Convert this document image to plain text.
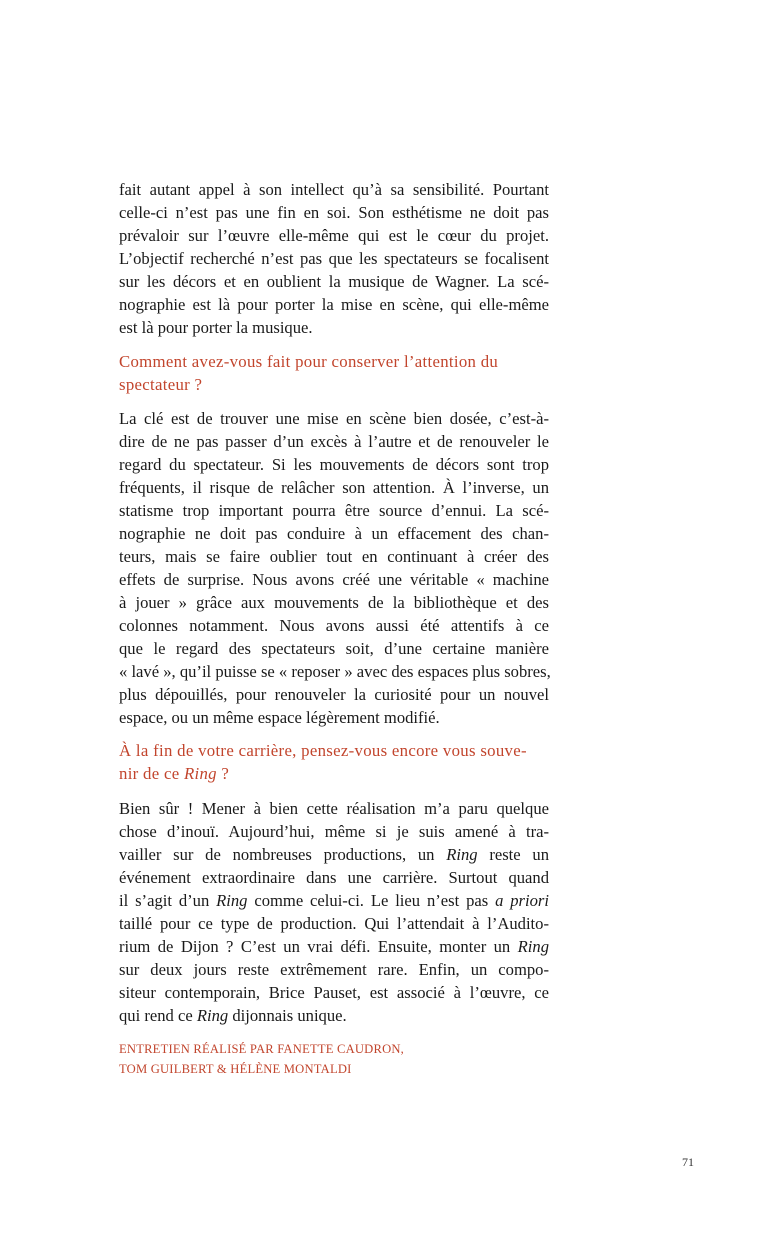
fait autant appel à son intellect qu’à sa sensibilité. Pourtant
celle-ci n’est pas une fin en soi. Son esthétisme ne doit pas
prévaloir sur l’œuvre elle-même qui est le cœur du projet.
L’objectif recherché n’est pas que les spectateurs se focalisent
sur les décors et en oublient la musique de Wagner. La scé-
nographie est là pour porter la mise en scène, qui elle-même
est là pour porter la musique.

Comment avez-vous fait pour conserver l’attention du
spectateur ?

La clé est de trouver une mise en scène bien dosée, c’est-à-
dire de ne pas passer d’un excès à l’autre et de renouveler le
regard du spectateur. Si les mouvements de décors sont trop
fréquents, il risque de relâcher son attention. À l’inverse, un
statisme trop important pourra être source d’ennui. La scé-
nographie ne doit pas conduire à un effacement des chan-
teurs, mais se faire oublier tout en continuant à créer des
effets de surprise. Nous avons créé une véritable « machine
à jouer » grâce aux mouvements de la bibliothèque et des
colonnes notamment. Nous avons aussi été attentifs à ce
que le regard des spectateurs soit, d’une certaine manière
« lavé », qu’il puisse se « reposer » avec des espaces plus sobres,
plus dépouillés, pour renouveler la curiosité pour un nouvel
espace, ou un même espace légèrement modifié.

À la fin de votre carrière, pensez-vous encore vous souve-
nir de ce Ring ?

Bien sûr ! Mener à bien cette réalisation m’a paru quelque
chose d’inouï. Aujourd’hui, même si je suis amené à tra-
vailler sur de nombreuses productions, un Ring reste un
événement extraordinaire dans une carrière. Surtout quand
il s’agit d’un Ring comme celui-ci. Le lieu n’est pas a priori
taillé pour ce type de production. Qui l’attendait à l’Audito-
rium de Dijon ? C’est un vrai défi. Ensuite, monter un Ring
sur deux jours reste extrêmement rare. Enfin, un compo-
siteur contemporain, Brice Pauset, est associé à l’œuvre, ce
qui rend ce Ring dijonnais unique.

ENTRETIEN RÉALISÉ PAR FANETTE CAUDRON,
TOM GUILBERT & HÉLÈNE MONTALDI
71
